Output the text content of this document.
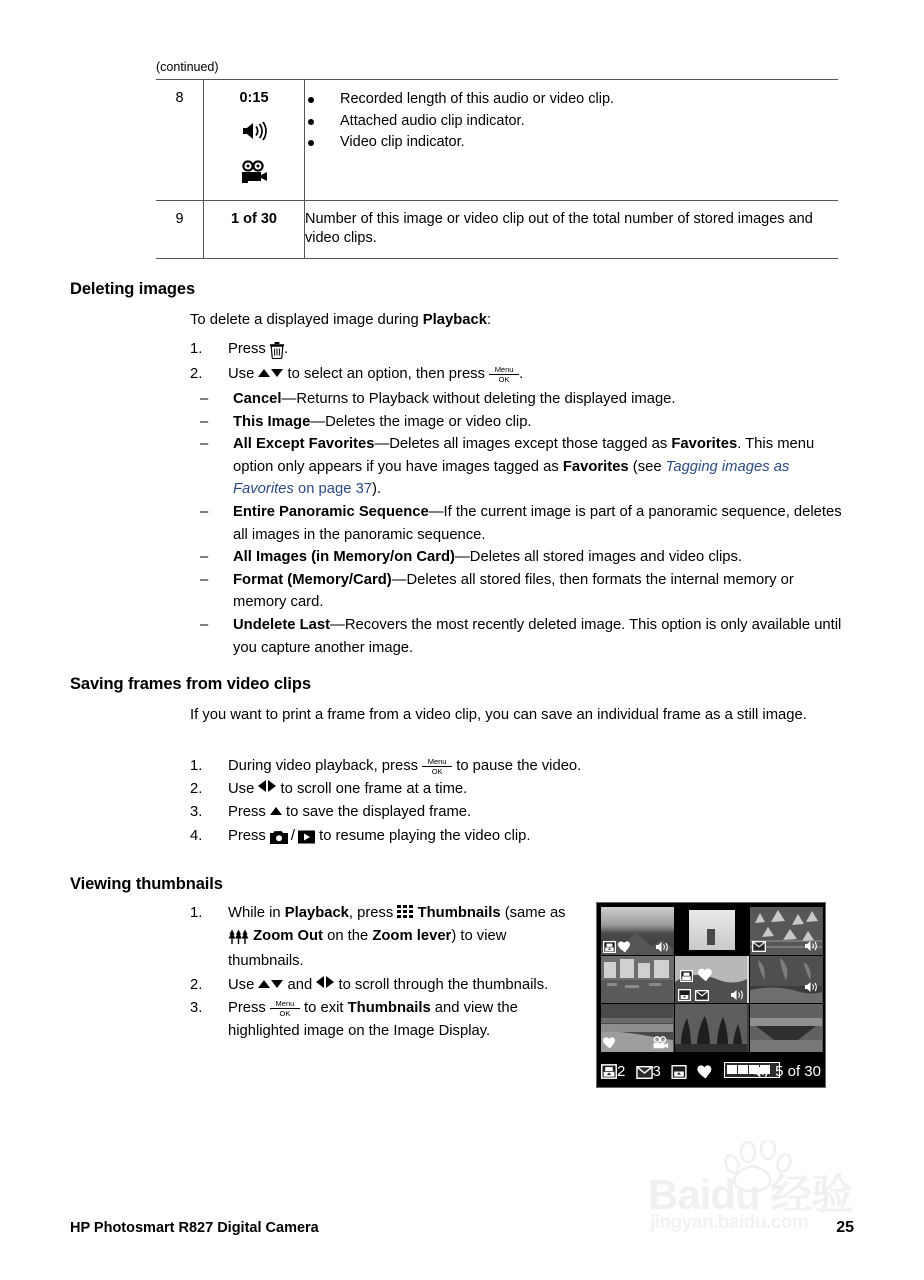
(continued)
8	0:15	Recorded length of this audio or video clip.
Attached audio clip indicator.
Video clip indicator.

9	1 of 30	Number of this image or video clip out of the total number of stored images and video clips.
Deleting images
To delete a displayed image during Playback:
1.	Press .
2.	Use  to select an option, then press Menu
OK .
– Cancel—Returns to Playback without deleting the displayed image.
– This Image—Deletes the image or video clip.
– All Except Favorites—Deletes all images except those tagged as Favorites. This menu option only appears if you have images tagged as Favorites (see Tagging images as Favorites on page 37).
– Entire Panoramic Sequence—If the current image is part of a panoramic sequence, deletes all images in the panoramic sequence.
– All Images (in Memory/on Card)—Deletes all stored images and video clips.
– Format (Memory/Card)—Deletes all stored files, then formats the internal memory or memory card.
– Undelete Last—Recovers the most recently deleted image. This option is only available until you capture another image.
Saving frames from video clips
If you want to print a frame from a video clip, you can save an individual frame as a still image.
1.	During video playback, press Menu
OK to pause the video.
2.	Use  to scroll one frame at a time.
3.	Press  to save the displayed frame.
4.	Press  /  to resume playing the video clip.
Viewing thumbnails
1.	While in Playback, press
Thumbnails (same as  Zoom Out on the Zoom lever) to view thumbnails.
2.	Use  and  to scroll through the thumbnails.
3.	Press Menu
OK to exit Thumbnails and view the highlighted image on the Image Display.
2 3	5 of 30
Baidu 经验
jingyan.baidu.com
HP Photosmart R827 Digital Camera	25
